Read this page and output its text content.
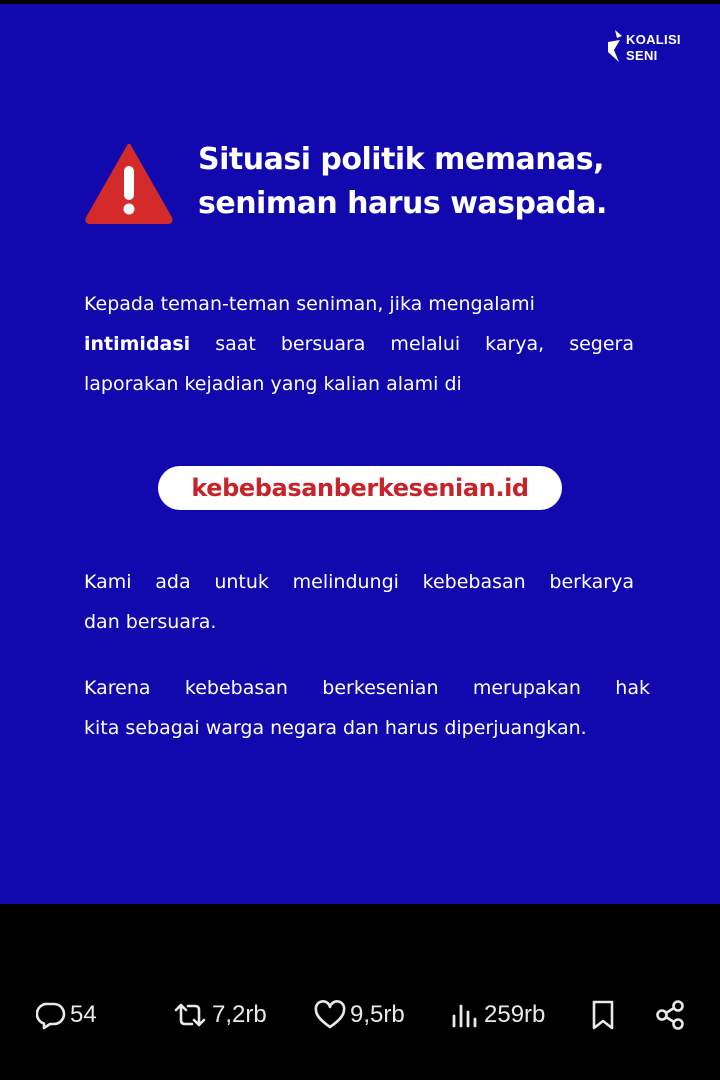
KOALISI
SENI
Situasi politik memanas,
seniman harus waspada.
Kepada teman-teman seniman, jika mengalami
intimidasi saat bersuara melalui karya, segera
laporakan kejadian yang kalian alami di
kebebasanberkesenian.id
Kami ada untuk melindungi kebebasan berkarya
dan bersuara.
Karena kebebasan berkesenian merupakan hak
kita sebagai warga negara dan harus diperjuangkan.
54	7,2rb	9,5rb	259rb
